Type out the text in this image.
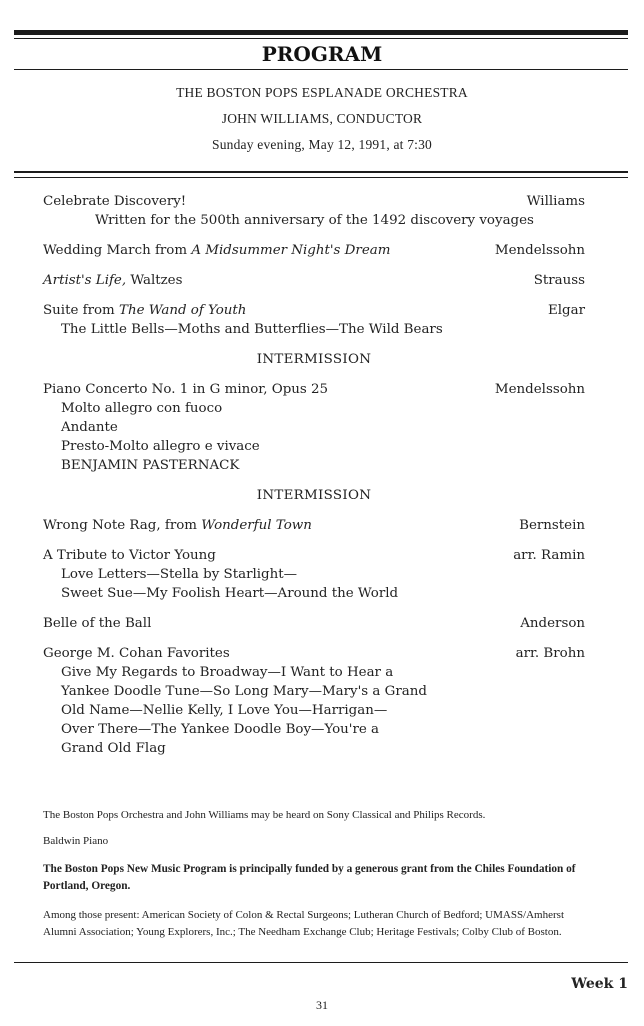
PROGRAM
THE BOSTON POPS ESPLANADE ORCHESTRA
JOHN WILLIAMS, CONDUCTOR
Sunday evening, May 12, 1991, at 7:30
Celebrate Discovery!	Williams
Written for the 500th anniversary of the 1492 discovery voyages
Wedding March from A Midsummer Night's Dream	Mendelssohn
Artist's Life, Waltzes	Strauss
Suite from The Wand of Youth	Elgar
The Little Bells—Moths and Butterflies—The Wild Bears
INTERMISSION
Piano Concerto No. 1 in G minor, Opus 25	Mendelssohn
Molto allegro con fuoco
Andante
Presto-Molto allegro e vivace
BENJAMIN PASTERNACK
INTERMISSION
Wrong Note Rag, from Wonderful Town	Bernstein
A Tribute to Victor Young	arr. Ramin
Love Letters—Stella by Starlight—
Sweet Sue—My Foolish Heart—Around the World
Belle of the Ball	Anderson
George M. Cohan Favorites	arr. Brohn
Give My Regards to Broadway—I Want to Hear a
Yankee Doodle Tune—So Long Mary—Mary's a Grand
Old Name—Nellie Kelly, I Love You—Harrigan—
Over There—The Yankee Doodle Boy—You're a
Grand Old Flag
The Boston Pops Orchestra and John Williams may be heard on Sony Classical and Philips Records.
Baldwin Piano
The Boston Pops New Music Program is principally funded by a generous grant from the Chiles Foundation of Portland, Oregon.
Among those present: American Society of Colon & Rectal Surgeons; Lutheran Church of Bedford; UMASS/Amherst Alumni Association; Young Explorers, Inc.; The Needham Exchange Club; Heritage Festivals; Colby Club of Boston.
Week 1
31
